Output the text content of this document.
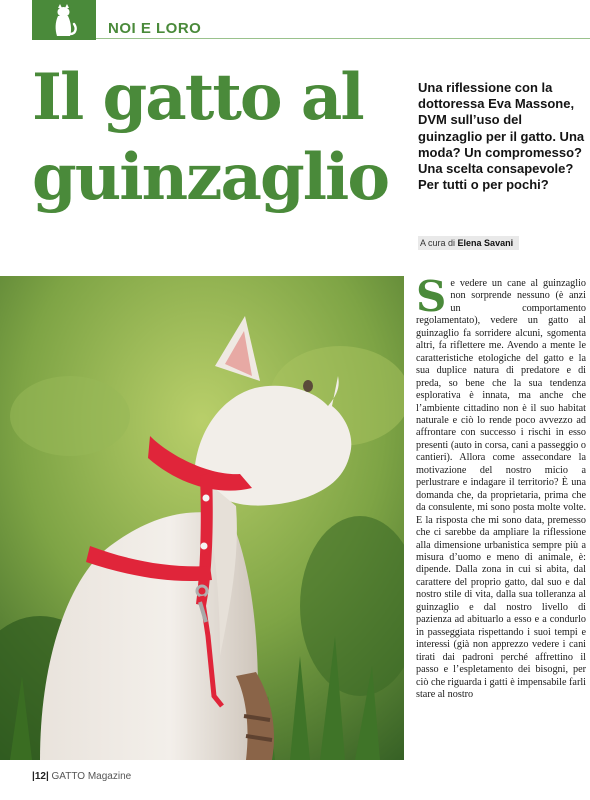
NOI E LORO
Il gatto al
guinzaglio
Una riflessione con la dottoressa Eva Massone, DVM sull’uso del guinzaglio per il gatto. Una moda? Un compromesso? Una scelta consapevole? Per tutti o per pochi?
A cura di Elena Savani
S e vedere un cane al guinzaglio non sorprende nessuno (è anzi un comportamento regolamentato), vedere un gatto al guinzaglio fa sorridere alcuni, sgomenta altri, fa riflettere me. Avendo a mente le caratteristiche etologiche del gatto e la sua duplice natura di predatore e di preda, so bene che la sua tendenza esplorativa è innata, ma anche che l’ambiente cittadino non è il suo habitat naturale e ciò lo rende poco avvezzo ad affrontare con successo i rischi in esso presenti (auto in corsa, cani a passeggio o cantieri). Allora come assecondare la motivazione del nostro micio a perlustrare e indagare il territorio? È una domanda che, da proprietaria, prima che da consulente, mi sono posta molte volte. E la risposta che mi sono data, premesso che ci sarebbe da ampliare la riflessione alla dimensione urbanistica sempre più a misura d’uomo e meno di animale, è: dipende. Dalla zona in cui si abita, dal carattere del proprio gatto, dal suo e dal nostro stile di vita, dalla sua tolleranza al guinzaglio e dal nostro livello di pazienza ad abituarlo a esso e a condurlo in passeggiata rispettando i suoi tempi e interessi (già non apprezzo vedere i cani tirati dai padroni perché affrettino il passo e l’espletamento dei bisogni, per ciò che riguarda i gatti è impensabile farli stare al nostro
|12| GATTO Magazine
